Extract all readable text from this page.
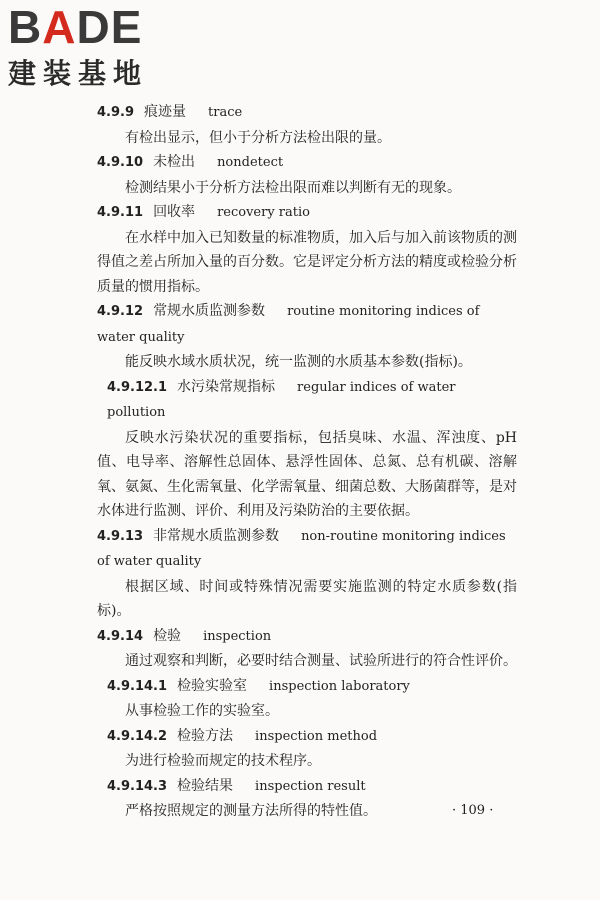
BADE
建装基地

4.9.9 痕迹量 trace

有检出显示，但小于分析方法检出限的量。

4.9.10 未检出 nondetect

检测结果小于分析方法检出限而难以判断有无的现象。

4.9.11 回收率 recovery ratio

在水样中加入已知数量的标准物质，加入后与加入前该物质的测得值之差占所加入量的百分数。它是评定分析方法的精度或检验分析质量的惯用指标。

4.9.12 常规水质监测参数 routine monitoring indices of water quality

能反映水域水质状况，统一监测的水质基本参数(指标)。

4.9.12.1 水污染常规指标 regular indices of water pollution

反映水污染状况的重要指标，包括臭味、水温、浑浊度、pH值、电导率、溶解性总固体、悬浮性固体、总氮、总有机碳、溶解氧、氨氮、生化需氧量、化学需氧量、细菌总数、大肠菌群等，是对水体进行监测、评价、利用及污染防治的主要依据。

4.9.13 非常规水质监测参数 non-routine monitoring indices of water quality

根据区域、时间或特殊情况需要实施监测的特定水质参数(指标)。

4.9.14 检验 inspection

通过观察和判断，必要时结合测量、试验所进行的符合性评价。

4.9.14.1 检验实验室 inspection laboratory

从事检验工作的实验室。

4.9.14.2 检验方法 inspection method

为进行检验而规定的技术程序。

4.9.14.3 检验结果 inspection result

严格按照规定的测量方法所得的特性值。	· 109 ·
